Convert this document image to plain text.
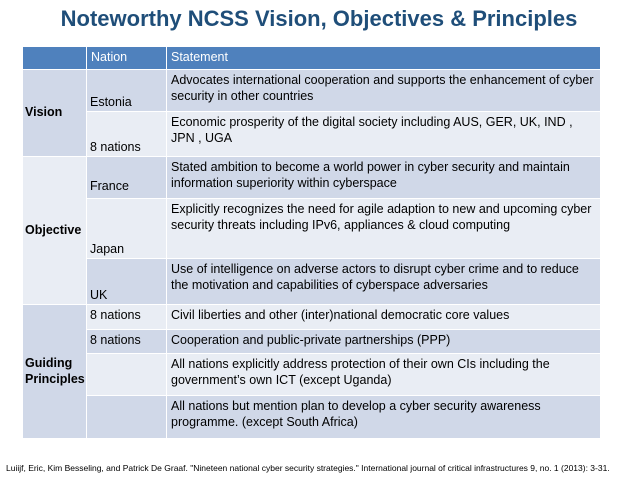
Noteworthy NCSS Vision, Objectives & Principles
	Nation	Statement
Vision	Estonia	Advocates international cooperation and supports the enhancement of cyber security in other countries
	8 nations	Economic prosperity of the digital society including AUS, GER, UK, IND , JPN , UGA
Objective	France	Stated ambition to become a world power in cyber security and maintain information superiority within cyberspace
	Japan	Explicitly recognizes the need for agile adaption to new and upcoming cyber security threats including IPv6, appliances & cloud computing
	UK	Use of intelligence on adverse actors to disrupt cyber crime and to reduce the motivation and capabilities of cyberspace adversaries
Guiding Principles	8 nations	Civil liberties and other (inter)national democratic core values
	8 nations	Cooperation and public-private partnerships (PPP)
		All nations explicitly address protection of their own CIs including the government’s own ICT (except Uganda)
		All nations but mention plan to develop a cyber security awareness programme. (except South Africa)
Luiijf, Eric, Kim Besseling, and Patrick De Graaf. "Nineteen national cyber security strategies." International journal of critical infrastructures 9, no. 1 (2013): 3-31.
